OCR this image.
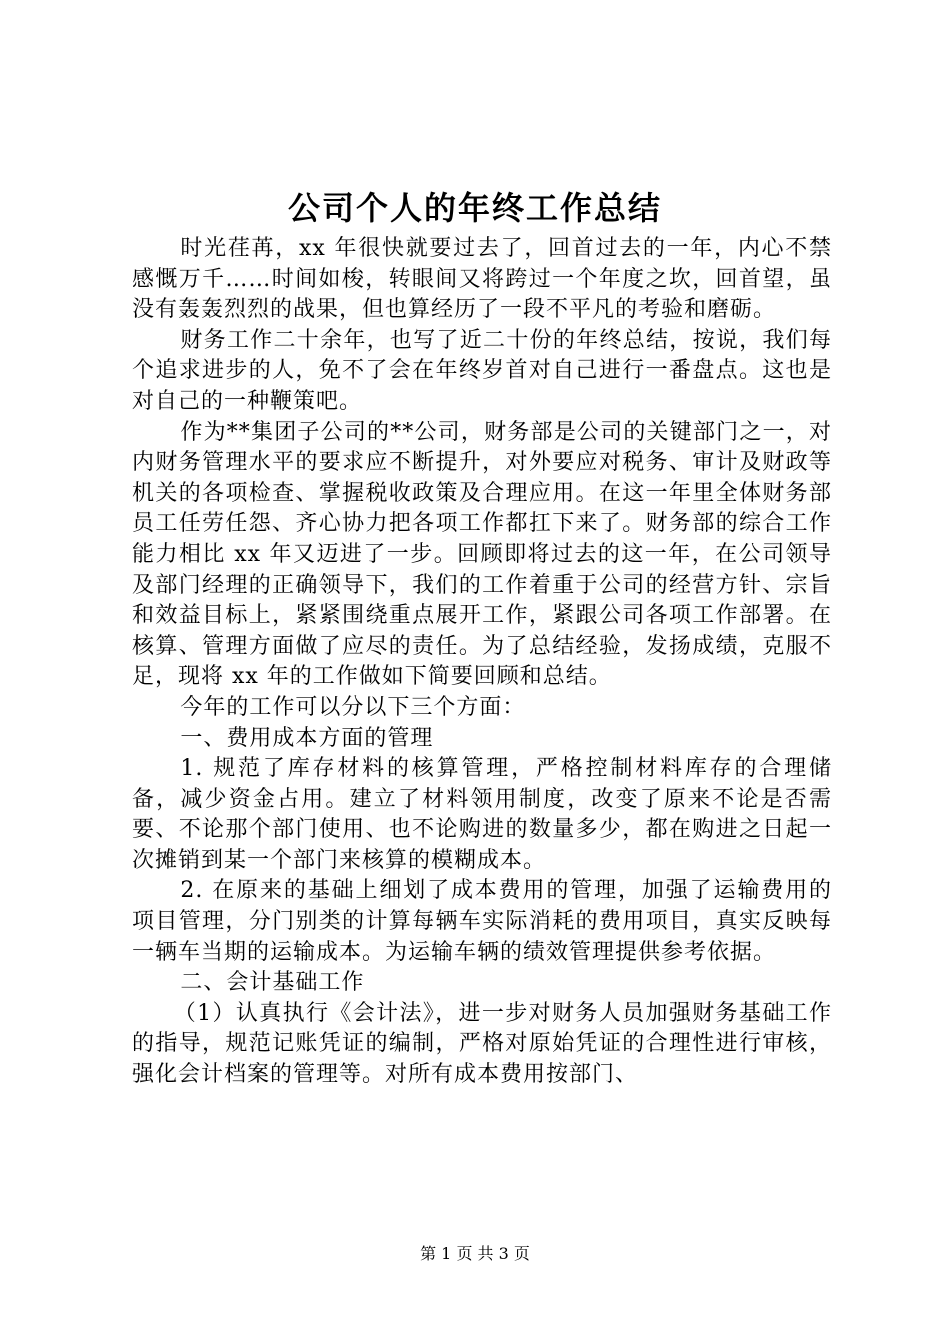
公司个人的年终工作总结

时光荏苒，xx 年很快就要过去了，回首过去的一年，内心不禁感慨万千……时间如梭，转眼间又将跨过一个年度之坎，回首望，虽没有轰轰烈烈的战果，但也算经历了一段不平凡的考验和磨砺。

财务工作二十余年，也写了近二十份的年终总结，按说，我们每个追求进步的人，免不了会在年终岁首对自己进行一番盘点。这也是对自己的一种鞭策吧。

作为**集团子公司的**公司，财务部是公司的关键部门之一，对内财务管理水平的要求应不断提升，对外要应对税务、审计及财政等机关的各项检查、掌握税收政策及合理应用。在这一年里全体财务部员工任劳任怨、齐心协力把各项工作都扛下来了。财务部的综合工作能力相比 xx 年又迈进了一步。回顾即将过去的这一年，在公司领导及部门经理的正确领导下，我们的工作着重于公司的经营方针、宗旨和效益目标上，紧紧围绕重点展开工作，紧跟公司各项工作部署。在核算、管理方面做了应尽的责任。为了总结经验，发扬成绩，克服不足，现将 xx 年的工作做如下简要回顾和总结。

今年的工作可以分以下三个方面：

一、费用成本方面的管理

1. 规范了库存材料的核算管理，严格控制材料库存的合理储备，减少资金占用。建立了材料领用制度，改变了原来不论是否需要、不论那个部门使用、也不论购进的数量多少，都在购进之日起一次摊销到某一个部门来核算的模糊成本。

2. 在原来的基础上细划了成本费用的管理，加强了运输费用的项目管理，分门别类的计算每辆车实际消耗的费用项目，真实反映每一辆车当期的运输成本。为运输车辆的绩效管理提供参考依据。

二、会计基础工作

（1）认真执行《会计法》，进一步对财务人员加强财务基础工作的指导，规范记账凭证的编制，严格对原始凭证的合理性进行审核，强化会计档案的管理等。对所有成本费用按部门、

第 1 页 共 3 页
